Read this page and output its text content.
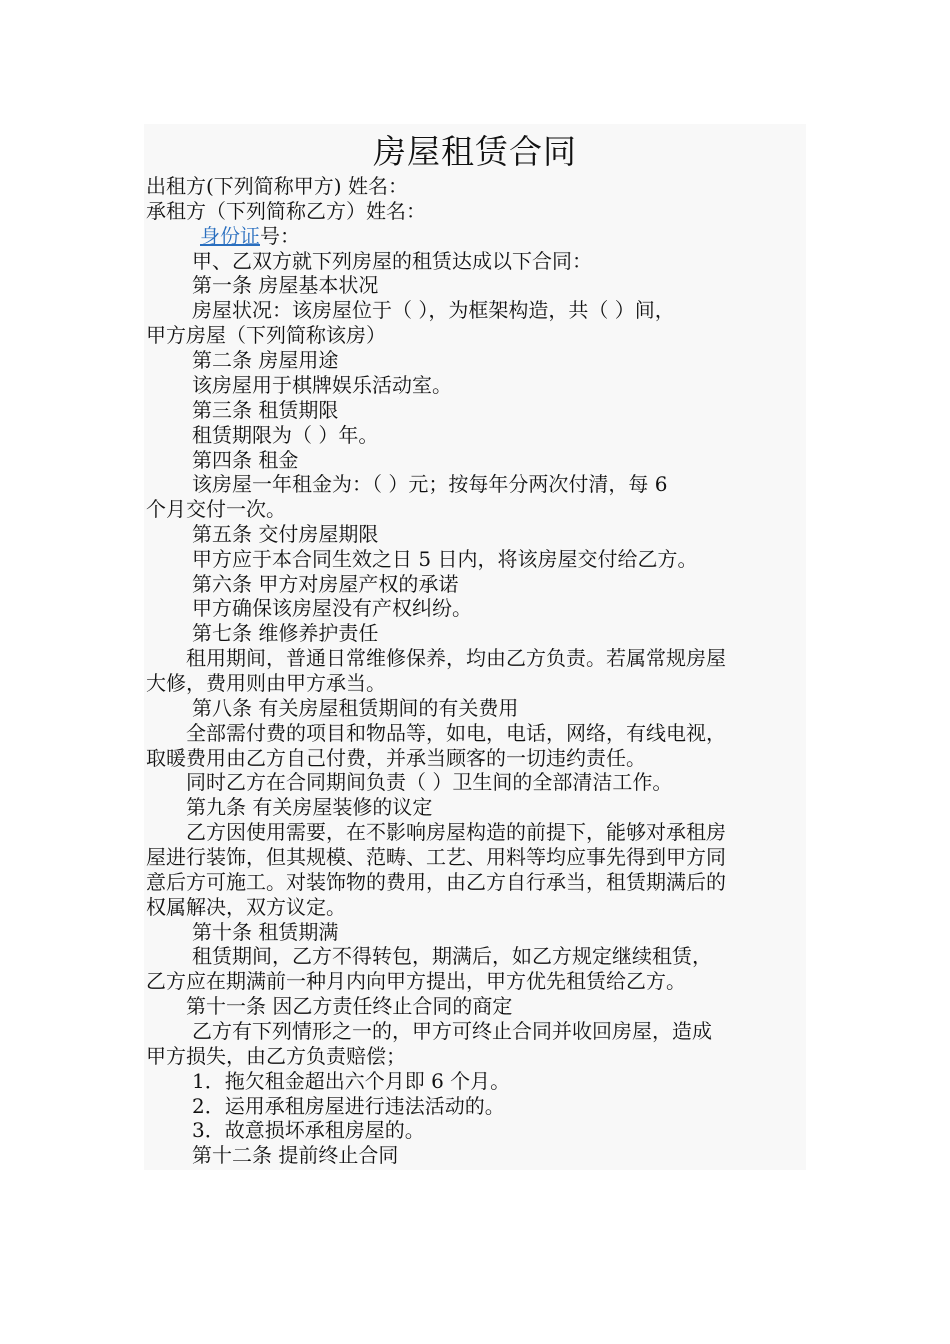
房屋租赁合同
出租方(下列简称甲方) 姓名：
承租方（下列简称乙方）姓名：
身份证号：
甲、乙双方就下列房屋的租赁达成以下合同：
第一条 房屋基本状况
房屋状况：该房屋位于（ ），为框架构造，共（ ）间，
甲方房屋（下列简称该房）
第二条 房屋用途
该房屋用于棋牌娱乐活动室。
第三条 租赁期限
租赁期限为（ ）年。
第四条 租金
该房屋一年租金为：（ ）元；按每年分两次付清，每 6
个月交付一次。
第五条 交付房屋期限
甲方应于本合同生效之日 5 日内，将该房屋交付给乙方。
第六条 甲方对房屋产权的承诺
甲方确保该房屋没有产权纠纷。
第七条 维修养护责任
租用期间，普通日常维修保养，均由乙方负责。若属常规房屋
大修，费用则由甲方承当。
第八条 有关房屋租赁期间的有关费用
全部需付费的项目和物品等，如电，电话，网络，有线电视，
取暖费用由乙方自己付费，并承当顾客的一切违约责任。
同时乙方在合同期间负责（ ）卫生间的全部清洁工作。
第九条 有关房屋装修的议定
乙方因使用需要，在不影响房屋构造的前提下，能够对承租房
屋进行装饰，但其规模、范畴、工艺、用料等均应事先得到甲方同
意后方可施工。对装饰物的费用，由乙方自行承当，租赁期满后的
权属解决，双方议定。
第十条 租赁期满
租赁期间，乙方不得转包，期满后，如乙方规定继续租赁，
乙方应在期满前一种月内向甲方提出，甲方优先租赁给乙方。
第十一条 因乙方责任终止合同的商定
乙方有下列情形之一的，甲方可终止合同并收回房屋，造成
甲方损失，由乙方负责赔偿；
1．拖欠租金超出六个月即 6 个月。
2．运用承租房屋进行违法活动的。
3．故意损坏承租房屋的。
第十二条 提前终止合同
